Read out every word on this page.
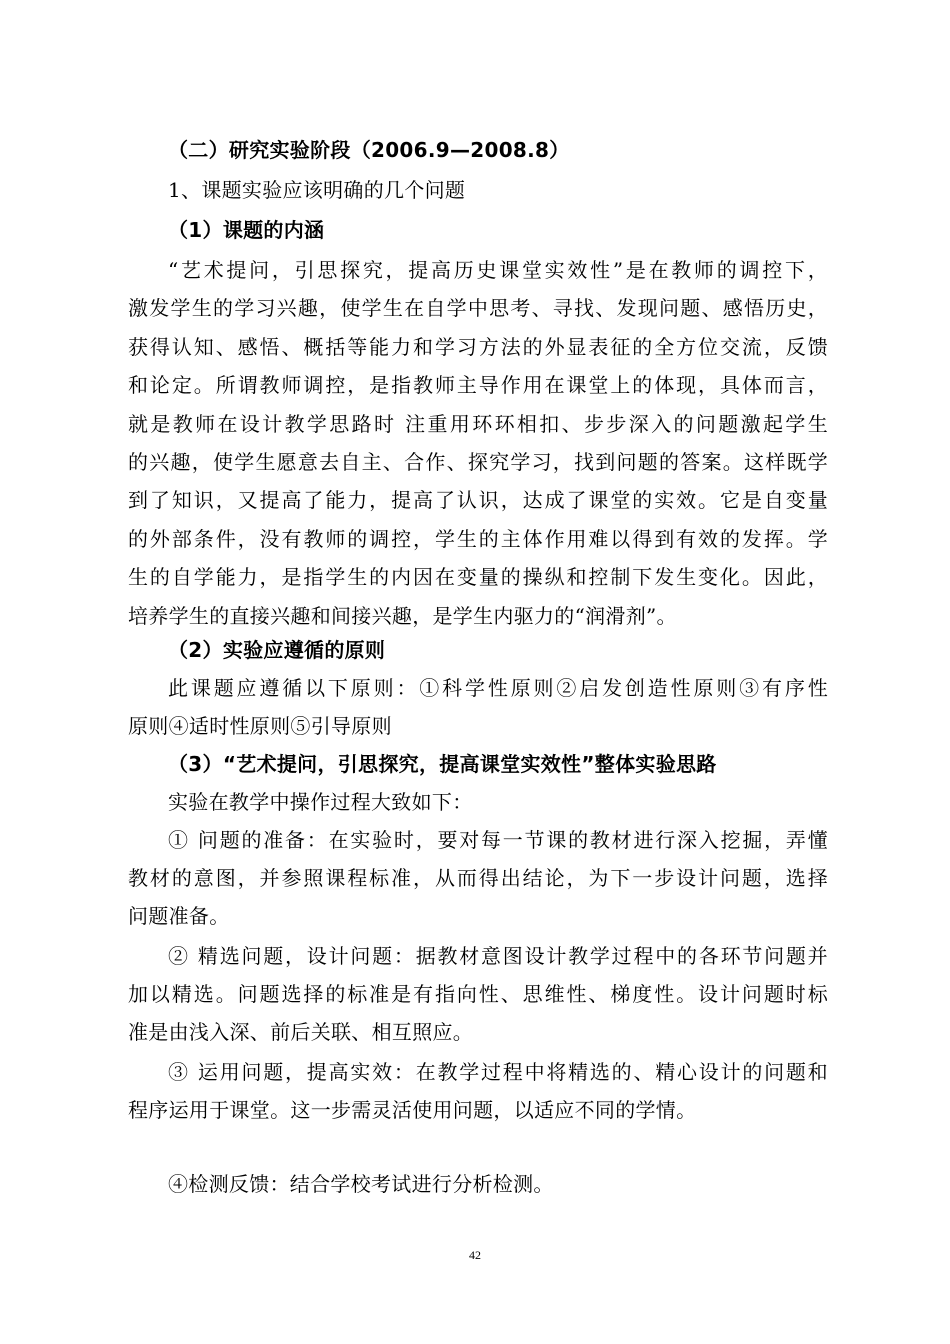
（二）研究实验阶段（2006.9—2008.8）
1、课题实验应该明确的几个问题
（1）课题的内涵
“艺术提问，引思探究，提高历史课堂实效性”是在教师的调控下，
激发学生的学习兴趣，使学生在自学中思考、寻找、发现问题、感悟历史，
获得认知、感悟、概括等能力和学习方法的外显表征的全方位交流，反馈
和论定。所谓教师调控，是指教师主导作用在课堂上的体现，具体而言，
就是教师在设计教学思路时 注重用环环相扣、步步深入的问题激起学生
的兴趣，使学生愿意去自主、合作、探究学习，找到问题的答案。这样既学
到了知识，又提高了能力，提高了认识，达成了课堂的实效。它是自变量
的外部条件，没有教师的调控，学生的主体作用难以得到有效的发挥。学
生的自学能力，是指学生的内因在变量的操纵和控制下发生变化。因此，
培养学生的直接兴趣和间接兴趣，是学生内驱力的“润滑剂”。
（2）实验应遵循的原则
此课题应遵循以下原则：①科学性原则②启发创造性原则③有序性
原则④适时性原则⑤引导原则
（3）“艺术提问，引思探究，提高课堂实效性”整体实验思路
实验在教学中操作过程大致如下：
① 问题的准备：在实验时，要对每一节课的教材进行深入挖掘，弄懂
教材的意图，并参照课程标准，从而得出结论，为下一步设计问题，选择
问题准备。
② 精选问题，设计问题：据教材意图设计教学过程中的各环节问题并
加以精选。问题选择的标准是有指向性、思维性、梯度性。设计问题时标
准是由浅入深、前后关联、相互照应。
③ 运用问题，提高实效：在教学过程中将精选的、精心设计的问题和
程序运用于课堂。这一步需灵活使用问题，以适应不同的学情。
④检测反馈：结合学校考试进行分析检测。
42
